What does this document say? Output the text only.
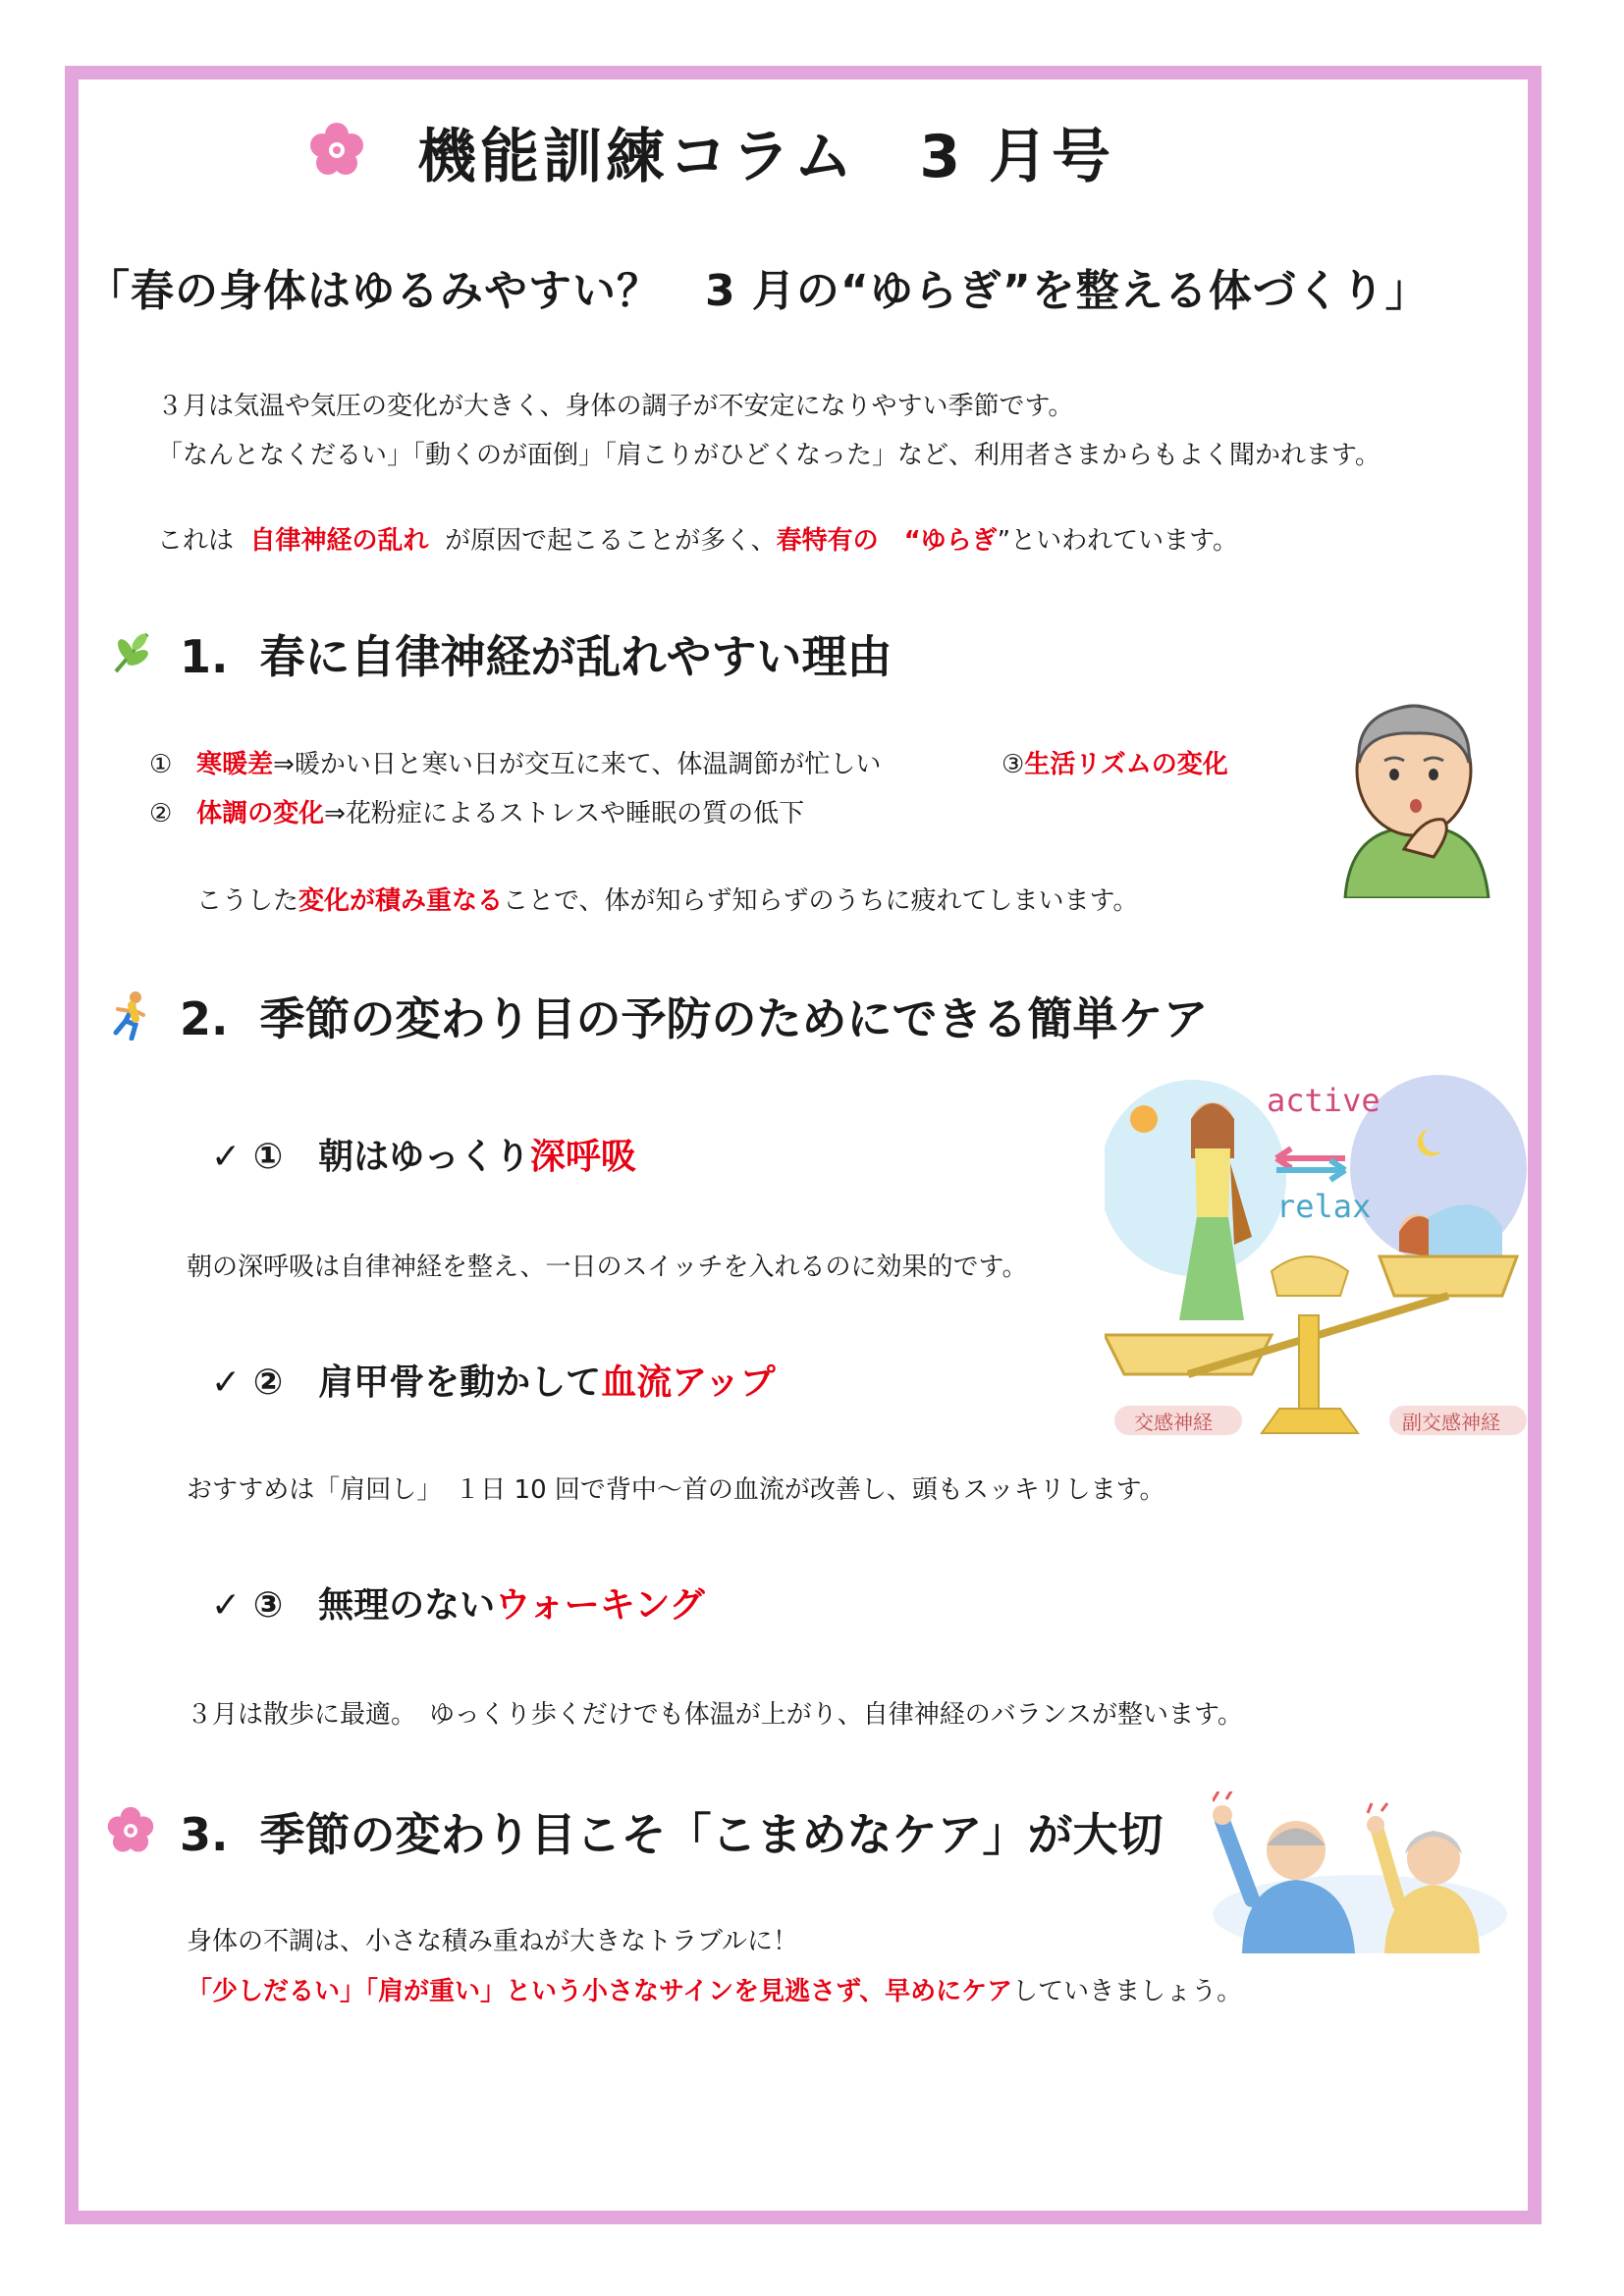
機能訓練コラム　3 月号
「春の身体はゆるみやすい？　3 月の“ゆらぎ”を整える体づくり」
３月は気温や気圧の変化が大きく、身体の調子が不安定になりやすい季節です。
「なんとなくだるい」「動くのが面倒」「肩こりがひどくなった」など、利用者さまからもよく聞かれます。
これは 自律神経の乱れ が原因で起こることが多く、春特有の　“ゆらぎ”といわれています。
1.  春に自律神経が乱れやすい理由
① 寒暖差⇒暖かい日と寒い日が交互に来て、体温調節が忙しい	③生活リズムの変化
② 体調の変化⇒花粉症によるストレスや睡眠の質の低下
こうした変化が積み重なることで、体が知らず知らずのうちに疲れてしまいます。
2.  季節の変わり目の予防のためにできる簡単ケア
✓ ①　朝はゆっくり深呼吸
朝の深呼吸は自律神経を整え、一日のスイッチを入れるのに効果的です。
✓ ②　肩甲骨を動かして血流アップ
おすすめは「肩回し」　１日 10 回で背中～首の血流が改善し、頭もスッキリします。
✓ ③　無理のないウォーキング
３月は散歩に最適。　ゆっくり歩くだけでも体温が上がり、自律神経のバランスが整います。
active
relax
交感神経	副交感神経
3.  季節の変わり目こそ「こまめなケア」が大切
身体の不調は、小さな積み重ねが大きなトラブルに！
「少しだるい」「肩が重い」という小さなサインを見逃さず、早めにケアしていきましょう。
